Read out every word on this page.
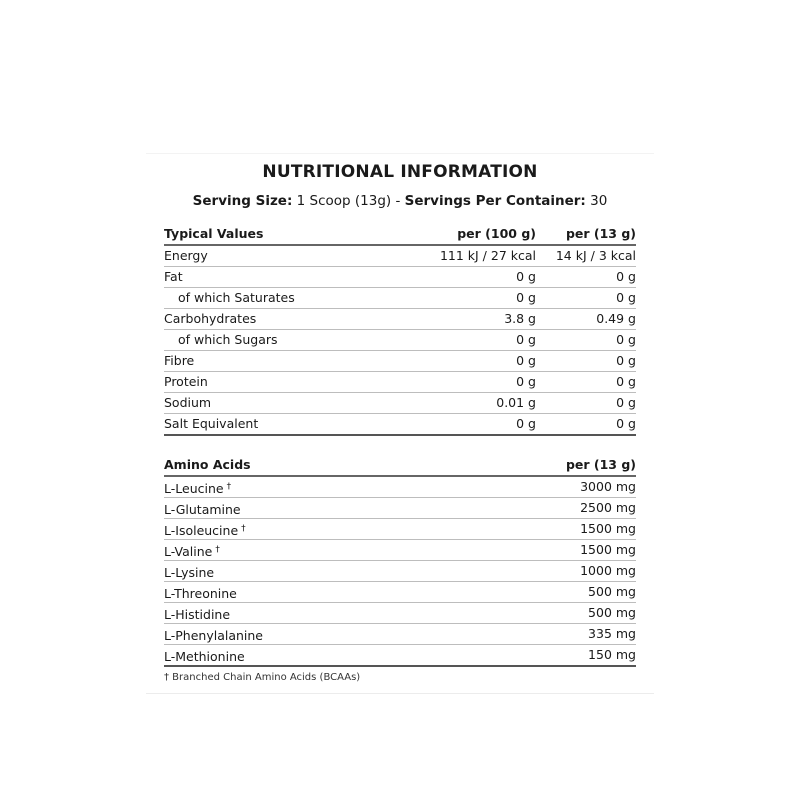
NUTRITIONAL INFORMATION
Serving Size: 1 Scoop (13g) - Servings Per Container: 30
Typical Values	per (100 g)	per (13 g)
Energy	111 kJ / 27 kcal	14 kJ / 3 kcal
Fat	0 g	0 g
of which Saturates	0 g	0 g
Carbohydrates	3.8 g	0.49 g
of which Sugars	0 g	0 g
Fibre	0 g	0 g
Protein	0 g	0 g
Sodium	0.01 g	0 g
Salt Equivalent	0 g	0 g
Amino Acids	per (13 g)
L-Leucine †	3000 mg
L-Glutamine	2500 mg
L-Isoleucine †	1500 mg
L-Valine †	1500 mg
L-Lysine	1000 mg
L-Threonine	500 mg
L-Histidine	500 mg
L-Phenylalanine	335 mg
L-Methionine	150 mg
† Branched Chain Amino Acids (BCAAs)
